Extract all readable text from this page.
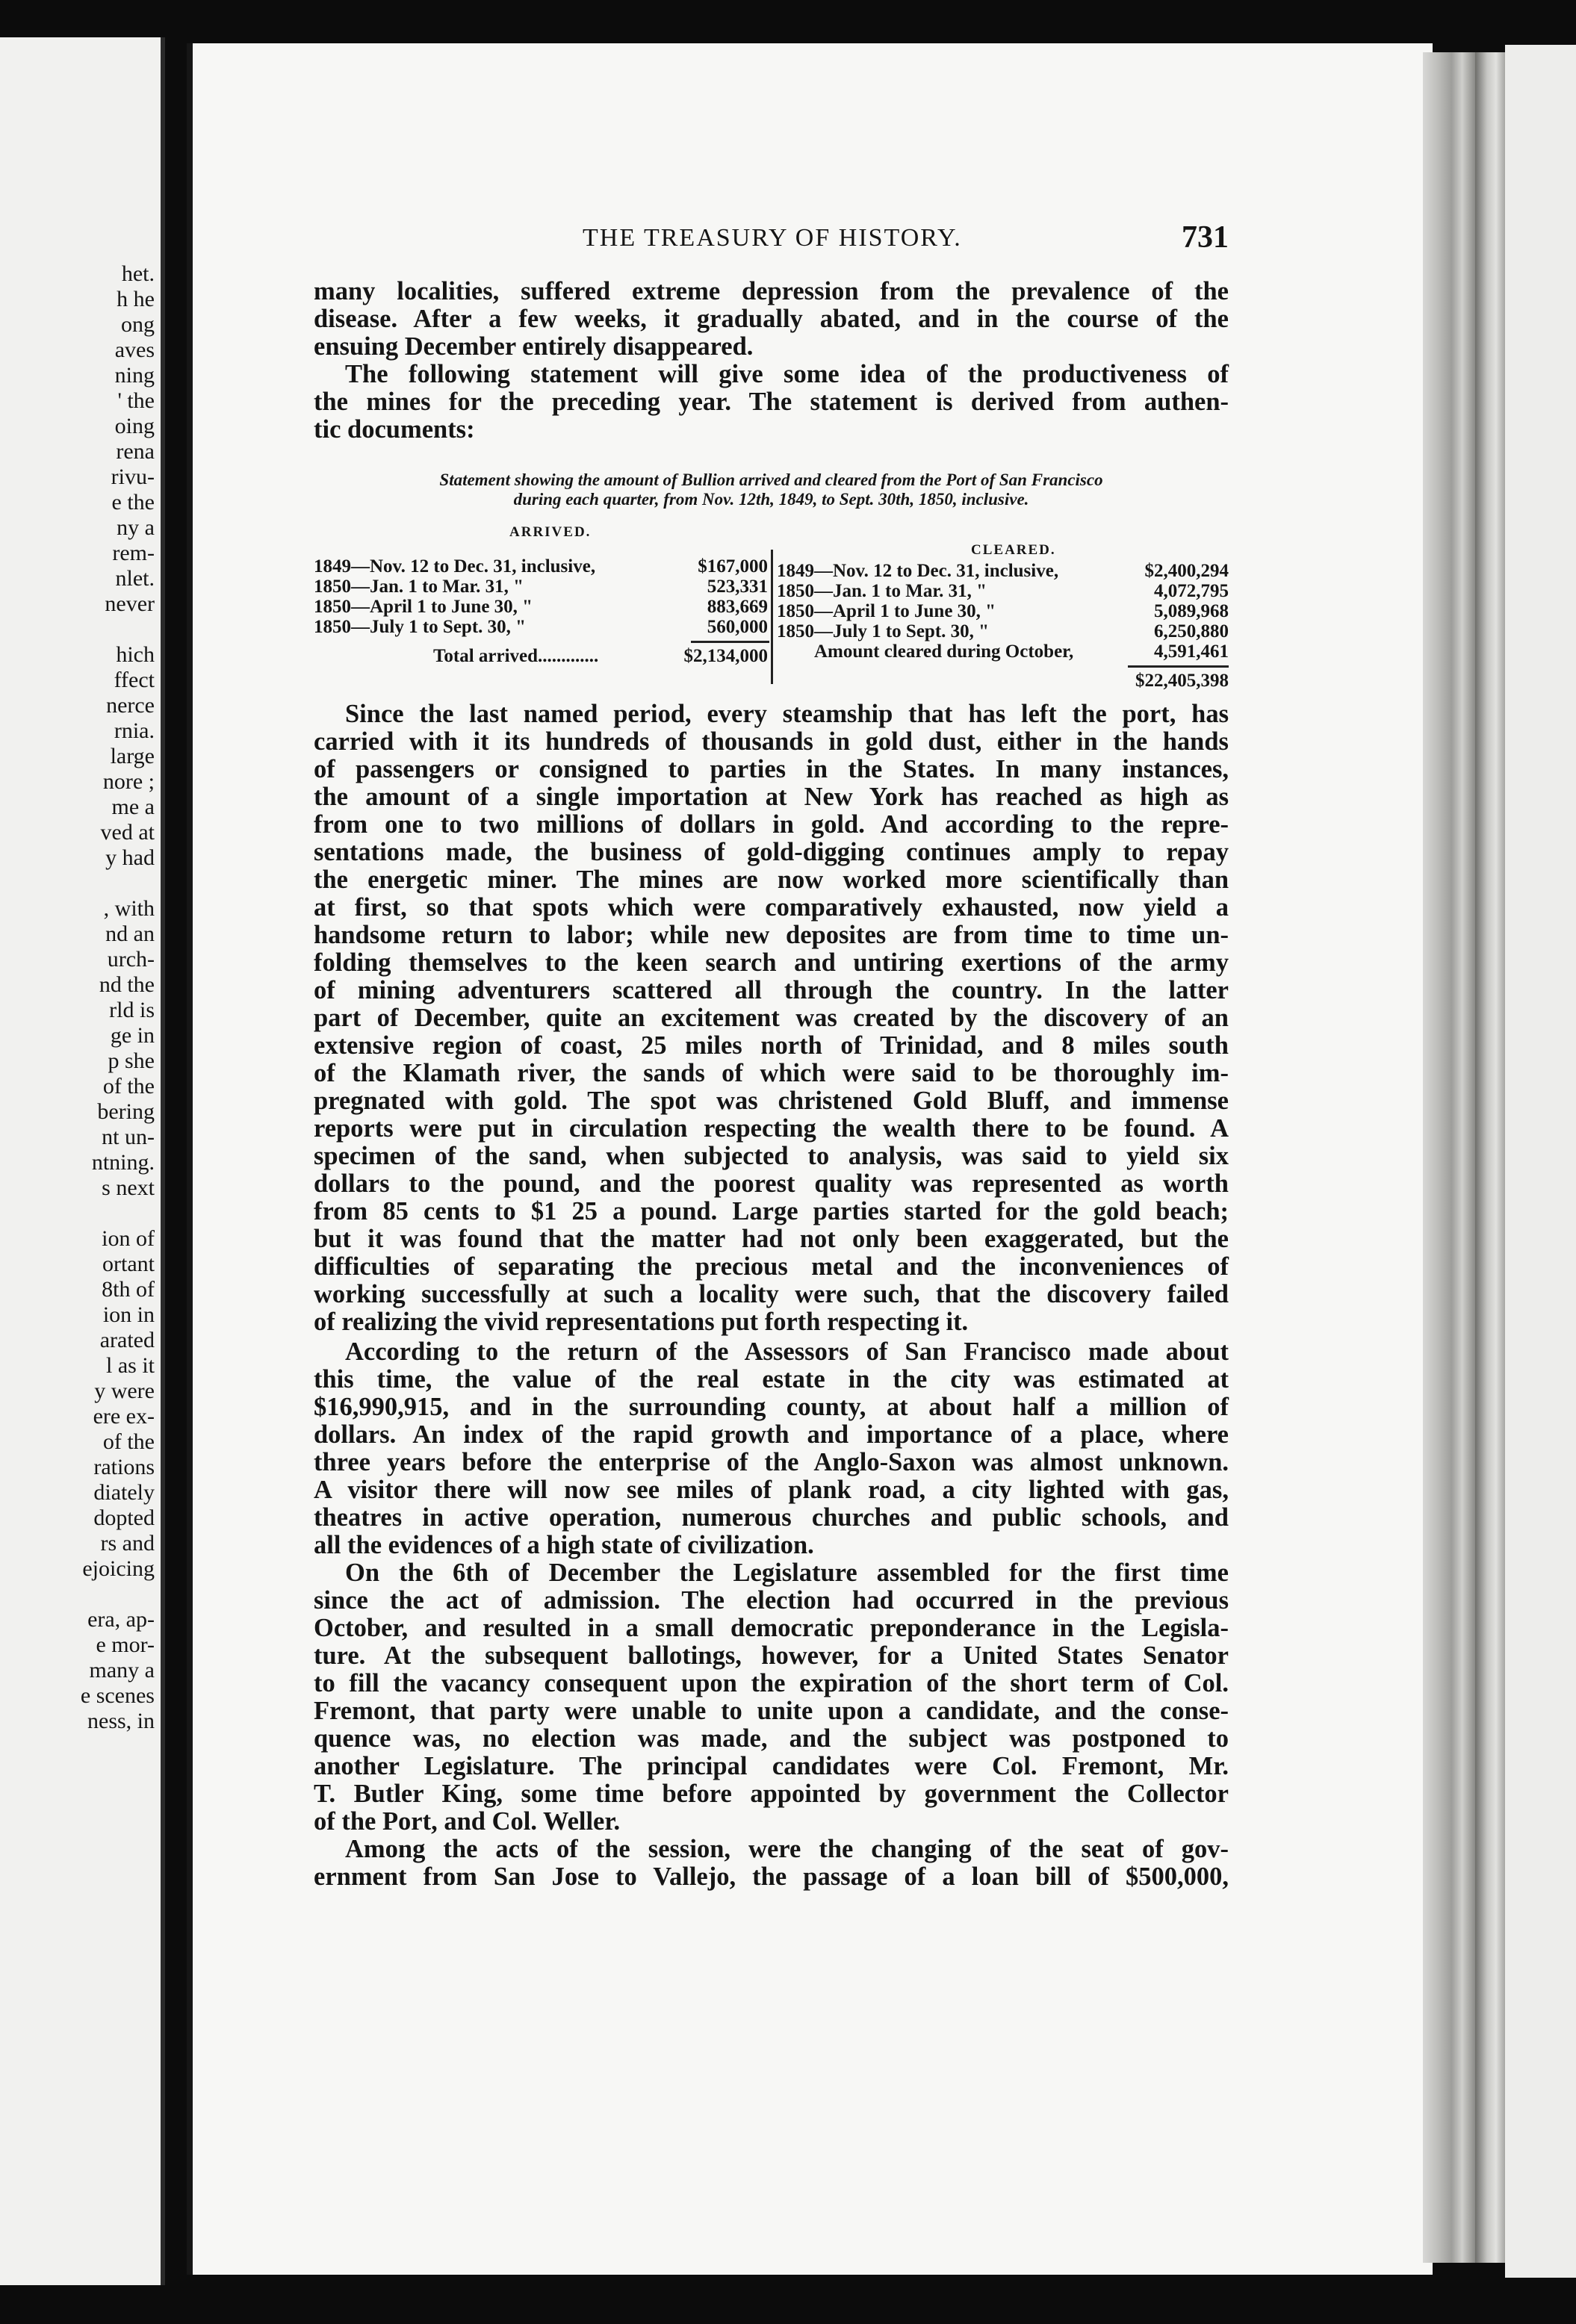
het.
h he
ong
aves
ning
' the
oing
rena
rivu-
e the
ny a
rem-
nlet.
never
hich
ffect
nerce
rnia.
large
nore ;
me a
ved at
y had
, with
nd an
urch-
nd the
rld is
ge in
p she
of the
bering
nt un-
ntning.
s next
ion of
ortant
8th of
ion in
arated
l as it
y were
ere ex-
of the
rations
diately
dopted
rs and
ejoicing
era, ap-
e mor-
many a
e scenes
ness, in
THE TREASURY OF HISTORY.	731
many localities, suffered extreme depression from the prevalence of the
disease. After a few weeks, it gradually abated, and in the course of the
ensuing December entirely disappeared.
The following statement will give some idea of the productiveness of
the mines for the preceding year. The statement is derived from authen-
tic documents:
Statement showing the amount of Bullion arrived and cleared from the Port of San Francisco
during each quarter, from Nov. 12th, 1849, to Sept. 30th, 1850, inclusive.
ARRIVED.
CLEARED.
1849—Nov. 12 to Dec. 31, inclusive,	$167,000
1850—Jan. 1 to Mar. 31, "	523,331
1850—April 1 to June 30, "	883,669
1850—July 1 to Sept. 30, "	560,000
Total arrived.............	$2,134,000
1849—Nov. 12 to Dec. 31, inclusive,	$2,400,294
1850—Jan. 1 to Mar. 31, "	4,072,795
1850—April 1 to June 30, "	5,089,968
1850—July 1 to Sept. 30, "	6,250,880
Amount cleared during October,	4,591,461
$22,405,398
Since the last named period, every steamship that has left the port, has
carried with it its hundreds of thousands in gold dust, either in the hands
of passengers or consigned to parties in the States. In many instances,
the amount of a single importation at New York has reached as high as
from one to two millions of dollars in gold. And according to the repre-
sentations made, the business of gold-digging continues amply to repay
the energetic miner. The mines are now worked more scientifically than
at first, so that spots which were comparatively exhausted, now yield a
handsome return to labor; while new deposites are from time to time un-
folding themselves to the keen search and untiring exertions of the army
of mining adventurers scattered all through the country. In the latter
part of December, quite an excitement was created by the discovery of an
extensive region of coast, 25 miles north of Trinidad, and 8 miles south
of the Klamath river, the sands of which were said to be thoroughly im-
pregnated with gold. The spot was christened Gold Bluff, and immense
reports were put in circulation respecting the wealth there to be found. A
specimen of the sand, when subjected to analysis, was said to yield six
dollars to the pound, and the poorest quality was represented as worth
from 85 cents to $1 25 a pound. Large parties started for the gold beach;
but it was found that the matter had not only been exaggerated, but the
difficulties of separating the precious metal and the inconveniences of
working successfully at such a locality were such, that the discovery failed
of realizing the vivid representations put forth respecting it.
According to the return of the Assessors of San Francisco made about
this time, the value of the real estate in the city was estimated at
$16,990,915, and in the surrounding county, at about half a million of
dollars. An index of the rapid growth and importance of a place, where
three years before the enterprise of the Anglo-Saxon was almost unknown.
A visitor there will now see miles of plank road, a city lighted with gas,
theatres in active operation, numerous churches and public schools, and
all the evidences of a high state of civilization.
On the 6th of December the Legislature assembled for the first time
since the act of admission. The election had occurred in the previous
October, and resulted in a small democratic preponderance in the Legisla-
ture. At the subsequent ballotings, however, for a United States Senator
to fill the vacancy consequent upon the expiration of the short term of Col.
Fremont, that party were unable to unite upon a candidate, and the conse-
quence was, no election was made, and the subject was postponed to
another Legislature. The principal candidates were Col. Fremont, Mr.
T. Butler King, some time before appointed by government the Collector
of the Port, and Col. Weller.
Among the acts of the session, were the changing of the seat of gov-
ernment from San Jose to Vallejo, the passage of a loan bill of $500,000,
